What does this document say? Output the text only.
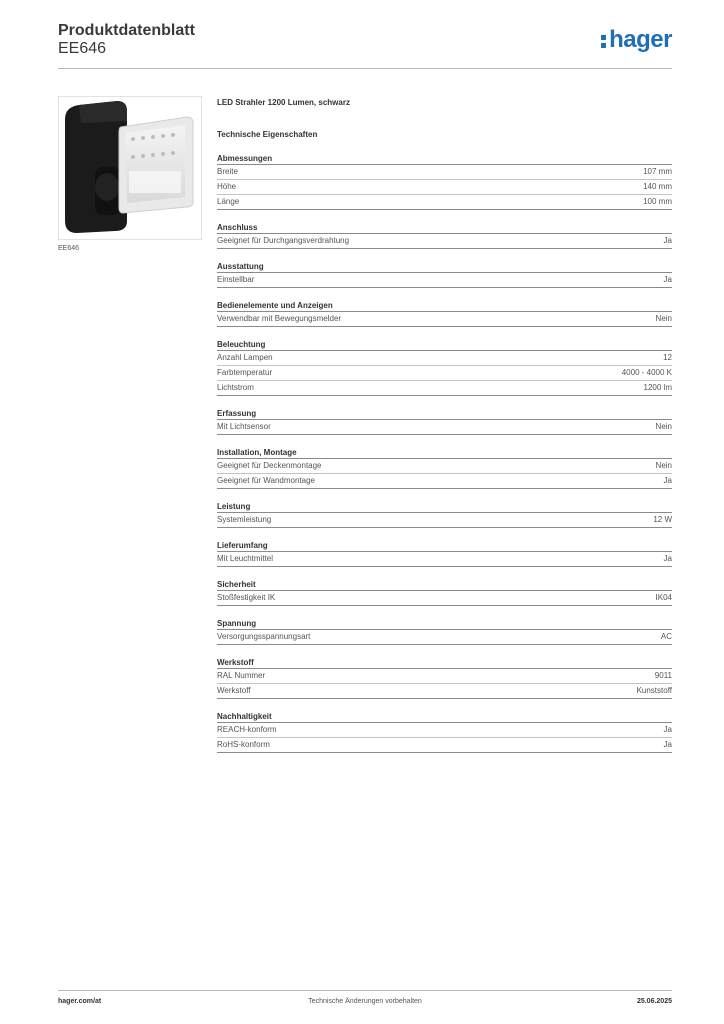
Produktdatenblatt
EE646	hager
EE646
LED Strahler 1200 Lumen, schwarz
Technische Eigenschaften
Abmessungen
Breite	107 mm
Höhe	140 mm
Länge	100 mm
Anschluss
Geeignet für Durchgangsverdrahtung	Ja
Ausstattung
Einstellbar	Ja
Bedienelemente und Anzeigen
Verwendbar mit Bewegungsmelder	Nein
Beleuchtung
Anzahl Lampen	12
Farbtemperatur	4000 - 4000 K
Lichtstrom	1200 lm
Erfassung
Mit Lichtsensor	Nein
Installation, Montage
Geeignet für Deckenmontage	Nein
Geeignet für Wandmontage	Ja
Leistung
Systemleistung	12 W
Lieferumfang
Mit Leuchtmittel	Ja
Sicherheit
Stoßfestigkeit IK	IK04
Spannung
Versorgungsspannungsart	AC
Werkstoff
RAL Nummer	9011
Werkstoff	Kunststoff
Nachhaltigkeit
REACH-konform	Ja
RoHS-konform	Ja
Technische Änderungen vorbehalten
hager.com/at	25.06.2025
